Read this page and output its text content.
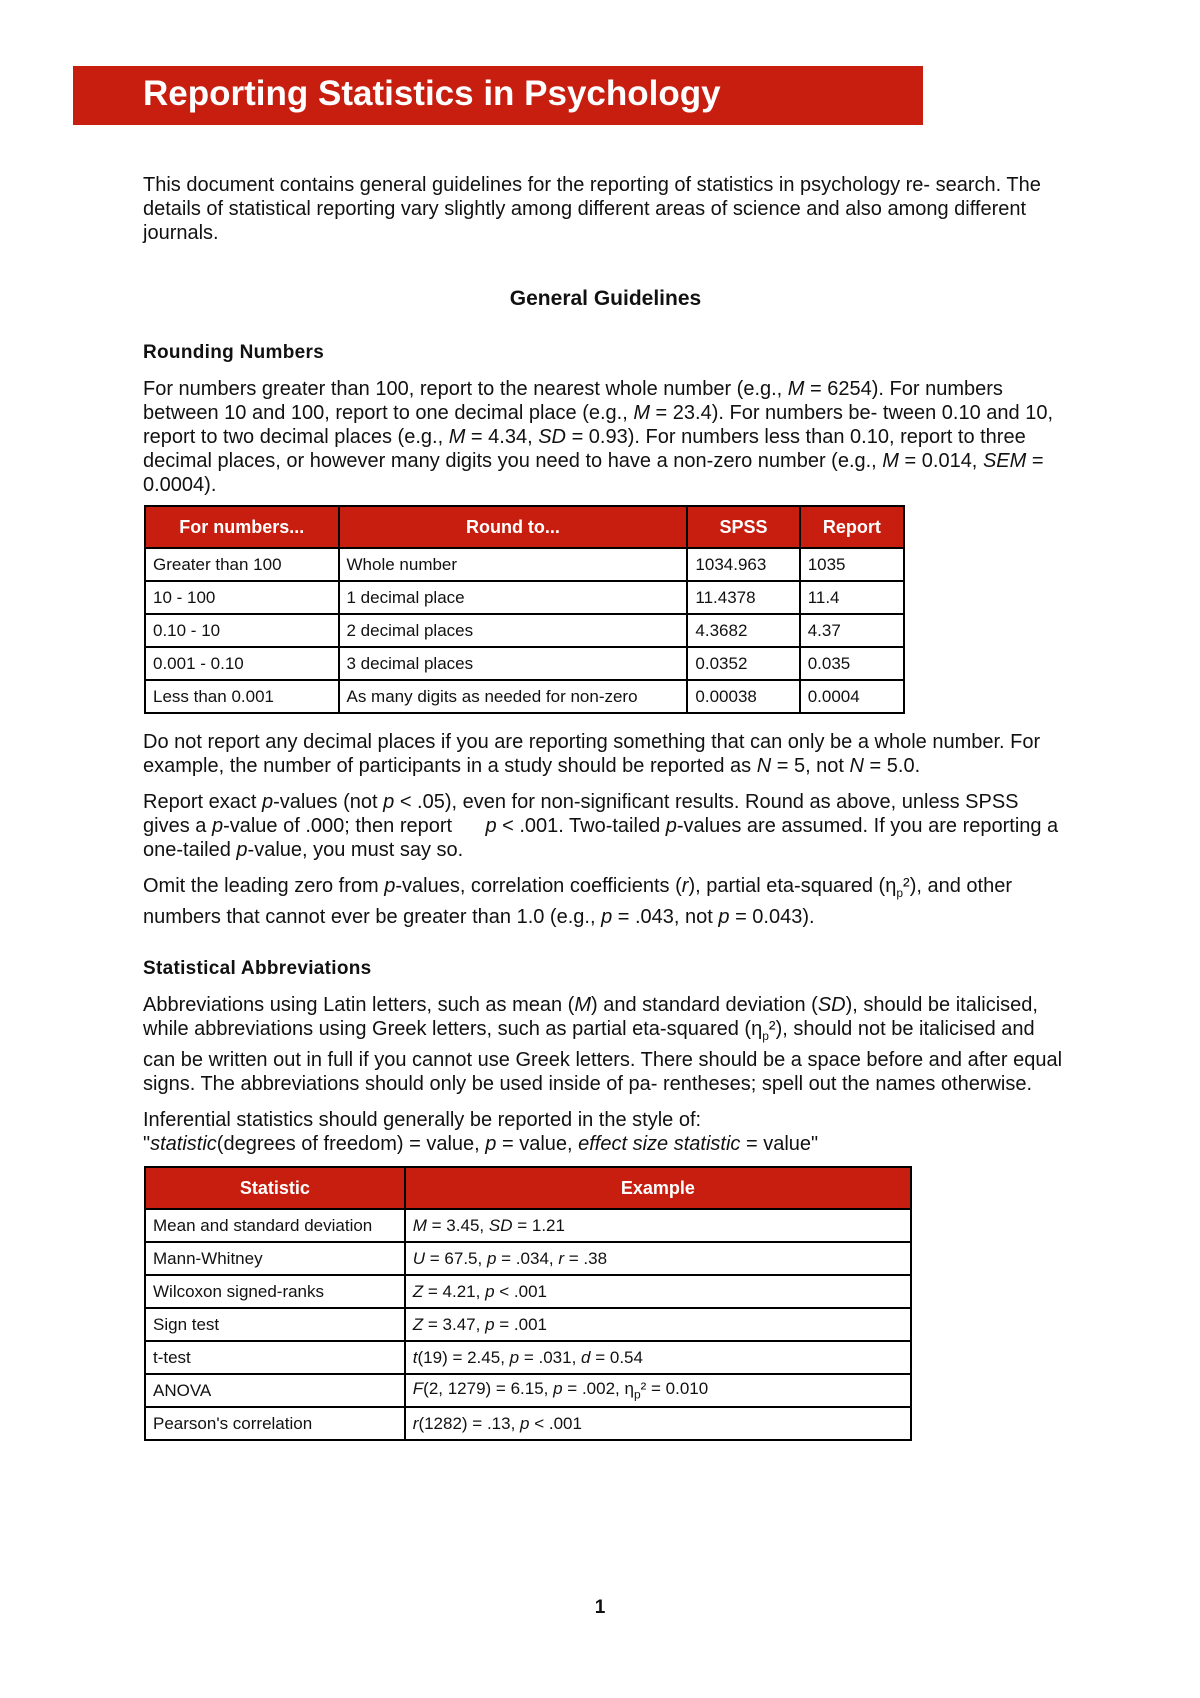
Reporting Statistics in Psychology

This document contains general guidelines for the reporting of statistics in psychology re- search. The details of statistical reporting vary slightly among different areas of science and also among different journals.

General Guidelines

Rounding Numbers

For numbers greater than 100, report to the nearest whole number (e.g., M = 6254). For numbers between 10 and 100, report to one decimal place (e.g., M = 23.4). For numbers be- tween 0.10 and 10, report to two decimal places (e.g., M = 4.34, SD = 0.93). For numbers less than 0.10, report to three decimal places, or however many digits you need to have a non-zero number (e.g., M = 0.014, SEM = 0.0004).

For numbers...	Round to...	SPSS	Report
Greater than 100	Whole number	1034.963	1035
10 - 100	1 decimal place	11.4378	11.4
0.10 - 10	2 decimal places	4.3682	4.37
0.001 - 0.10	3 decimal places	0.0352	0.035
Less than 0.001	As many digits as needed for non-zero	0.00038	0.0004

Do not report any decimal places if you are reporting something that can only be a whole number. For example, the number of participants in a study should be reported as N = 5, not N = 5.0.

Report exact p-values (not p < .05), even for non-significant results. Round as above, unless SPSS gives a p-value of .000; then report      p < .001. Two-tailed p-values are assumed. If you are reporting a one-tailed p-value, you must say so.

Omit the leading zero from p-values, correlation coefficients (r), partial eta-squared $(\eta_p^2)$, and other numbers that cannot ever be greater than 1.0 (e.g., p = .043, not p = 0.043).

Statistical Abbreviations

Abbreviations using Latin letters, such as mean (M) and standard deviation (SD), should be italicised, while abbreviations using Greek letters, such as partial eta-squared $(\eta_p^2)$, should not be italicised and can be written out in full if you cannot use Greek letters. There should be a space before and after equal signs. The abbreviations should only be used inside of pa- rentheses; spell out the names otherwise.

Inferential statistics should generally be reported in the style of:
"statistic(degrees of freedom) = value, p = value, effect size statistic = value"

Statistic	Example
Mean and standard deviation	M = 3.45, SD = 1.21
Mann-Whitney	U = 67.5, p = .034, r = .38
Wilcoxon signed-ranks	Z = 4.21, p < .001
Sign test	Z = 3.47, p = .001
t-test	t(19) = 2.45, p = .031, d = 0.54
ANOVA	F(2, 1279) = 6.15, p = .002, $\eta_p^2 = 0.010$
Pearson's correlation	r(1282) = .13, p < .001
1
